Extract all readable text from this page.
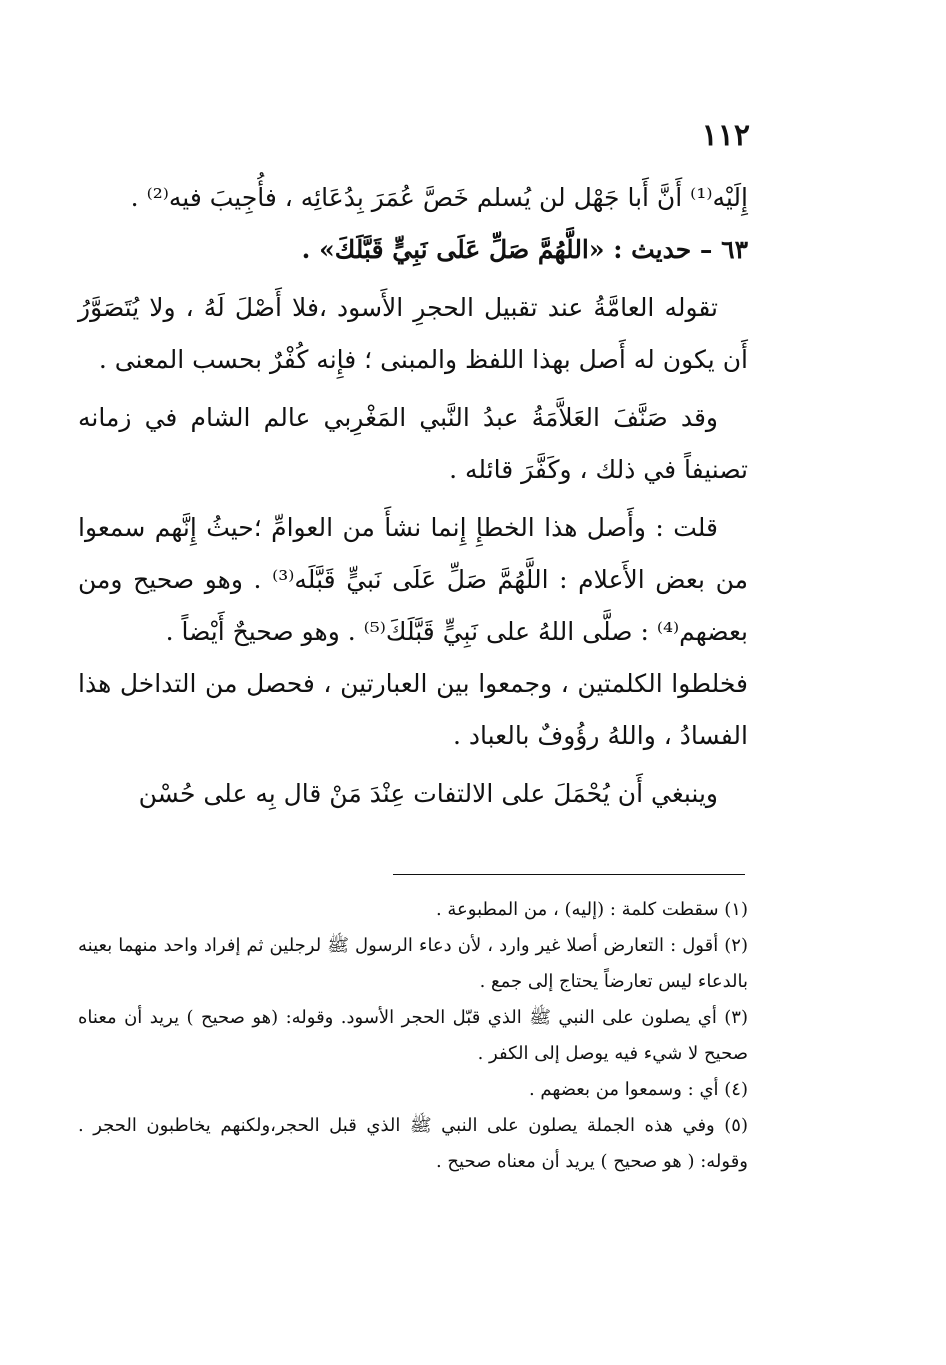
١١٢

إِلَيْه⁽¹⁾ أَنَّ أَبا جَهْل لن يُسلم خَصَّ عُمَرَ بِدُعَائِه ، فأُجِيبَ فيه⁽²⁾ .

٦٣ – حديث : «اللَّهُمَّ صَلِّ عَلَى نَبِيٍّ قَبَّلَكَ» .

تقوله العامَّةُ عند تقبيل الحجرِ الأَسود ،فلا أَصْلَ لَهُ ، ولا يُتَصَوَّرُ أَن يكون له أَصل بهذا اللفظ والمبنى ؛ فإِنه كُفْرٌ بحسب المعنى .

وقد صَنَّفَ العَلاَّمَةُ عبدُ النَّبي المَغْرِبي عالم الشام في زمانه تصنيفاً في ذلك ، وكَفَّرَ قائله .

قلت : وأَصل هذا الخطإِ إِنما نشأَ من العوامِّ ؛حيثُ إِنَّهم سمعوا من بعض الأَعلام : اللَّهُمَّ صَلِّ عَلَى نَبيٍّ قَبَّلَه⁽³⁾ . وهو صحيح ومن بعضهم⁽⁴⁾ : صلَّى اللهُ على نَبِيٍّ قَبَّلَكَ⁽⁵⁾ . وهو صحيحٌ أَيْضاً .

فخلطوا الكلمتين ، وجمعوا بين العبارتين ، فحصل من التداخل هذا الفسادُ ، واللهُ رؤُوفٌ بالعباد .

وينبغي أَن يُحْمَلَ على الالتفات عِنْدَ مَنْ قال بِه على حُسْن

(١) سقطت كلمة : (إليه) ، من المطبوعة .

(٢) أقول : التعارض أصلا غير وارد ، لأن دعاء الرسول ﷺ لرجلين ثم إفراد واحد منهما بعينه بالدعاء ليس تعارضاً يحتاج إلى جمع .

(٣) أي يصلون على النبي ﷺ الذي قبّل الحجر الأسود. وقوله: (هو صحيح ) يريد أن معناه صحيح لا شيء فيه يوصل إلى الكفر .

(٤) أي : وسمعوا من بعضهم .

(٥) وفي هذه الجملة يصلون على النبي ﷺ الذي قبل الحجر،ولكنهم يخاطبون الحجر . وقوله: ( هو صحيح ) يريد أن معناه صحيح .
